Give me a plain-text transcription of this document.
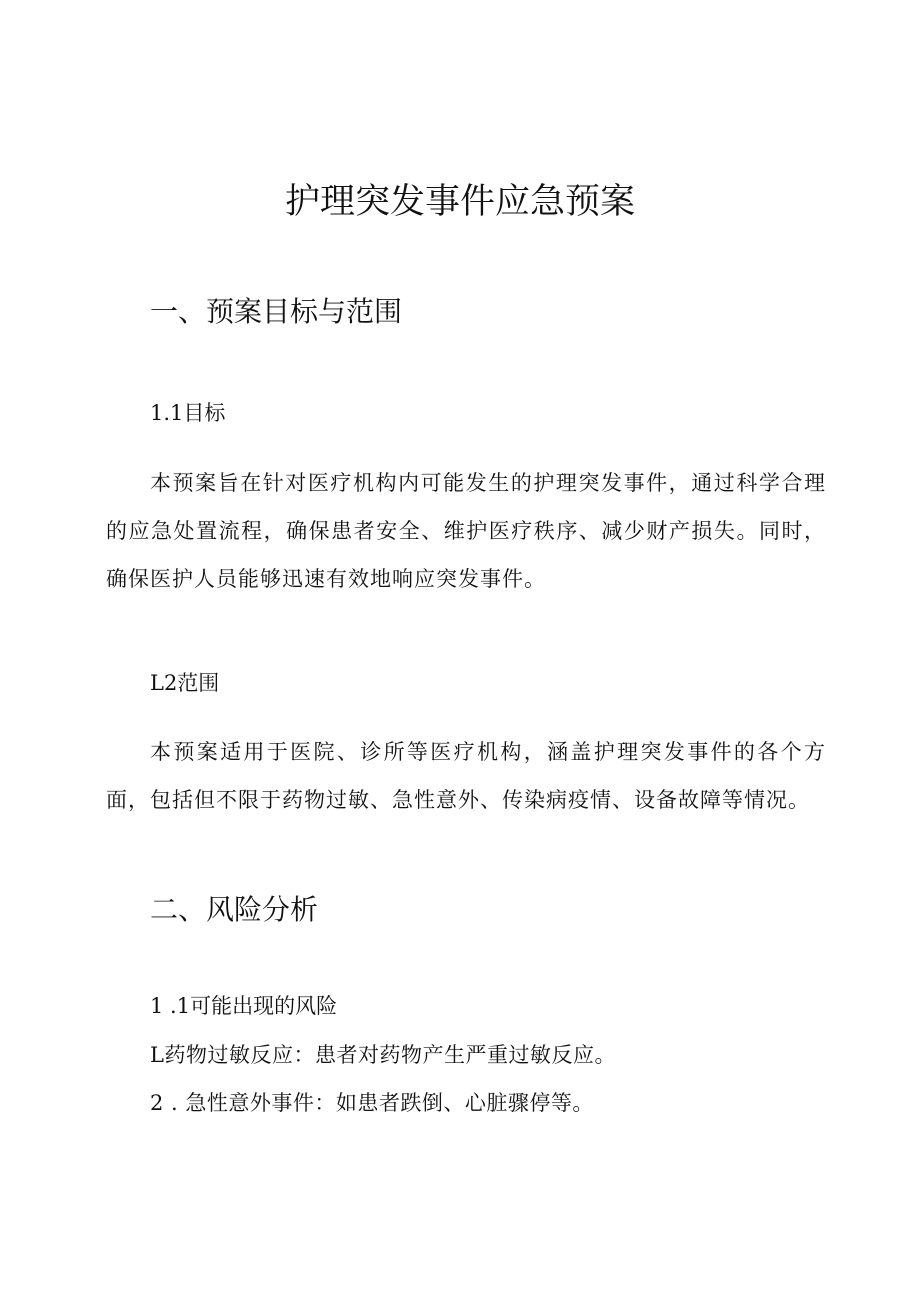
护理突发事件应急预案
一、预案目标与范围
1.1目标

本预案旨在针对医疗机构内可能发生的护理突发事件，通过科学合理的应急处置流程，确保患者安全、维护医疗秩序、减少财产损失。同时，确保医护人员能够迅速有效地响应突发事件。

L2范围

本预案适用于医院、诊所等医疗机构，涵盖护理突发事件的各个方面，包括但不限于药物过敏、急性意外、传染病疫情、设备故障等情况。

二、风险分析
1 .1可能出现的风险

L药物过敏反应：患者对药物产生严重过敏反应。

2 . 急性意外事件：如患者跌倒、心脏骤停等。
